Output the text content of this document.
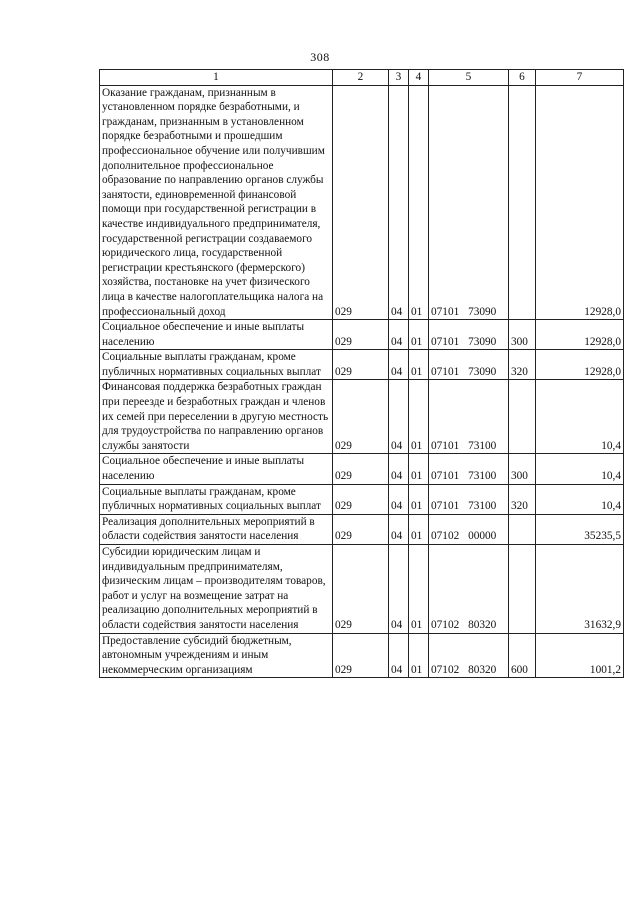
308
1	2	3	4	5	6	7
Оказание гражданам, признанным в установленном порядке безработными, и гражданам, признанным в установленном порядке безработными и прошедшим профессиональное обучение или получившим дополнительное профессиональное образование по направлению органов службы занятости, единовременной финансовой помощи при государственной регистрации в качестве индивидуального предпринимателя, государственной регистрации создаваемого юридического лица, государственной регистрации крестьянского (фермерского) хозяйства, постановке на учет физического лица в качестве налогоплательщика налога на профессиональный доход	029	04	01	07101 73090		12928,0
Социальное обеспечение и иные выплаты населению	029	04	01	07101 73090	300	12928,0
Социальные выплаты гражданам, кроме публичных нормативных социальных выплат	029	04	01	07101 73090	320	12928,0
Финансовая поддержка безработных граждан при переезде и безработных граждан и членов их семей при переселении в другую местность для трудоустройства по направлению органов службы занятости	029	04	01	07101 73100		10,4
Социальное обеспечение и иные выплаты населению	029	04	01	07101 73100	300	10,4
Социальные выплаты гражданам, кроме публичных нормативных социальных выплат	029	04	01	07101 73100	320	10,4
Реализация дополнительных мероприятий в области содействия занятости населения	029	04	01	07102 00000		35235,5
Субсидии юридическим лицам и индивидуальным предпринимателям, физическим лицам – производителям товаров, работ и услуг на возмещение затрат на реализацию дополнительных мероприятий в области содействия занятости населения	029	04	01	07102 80320		31632,9
Предоставление субсидий бюджетным, автономным учреждениям и иным некоммерческим организациям	029	04	01	07102 80320	600	1001,2
